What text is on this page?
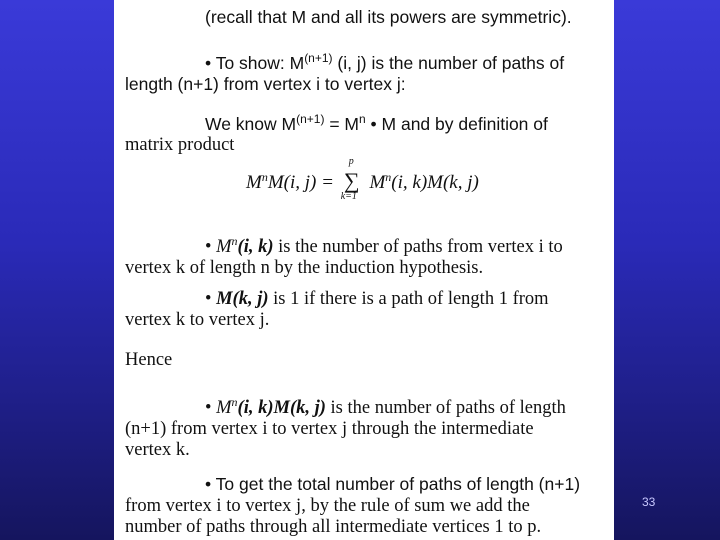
(recall that M and all its powers are symmetric).
• To show: $M^{(n+1)}$ (i, j) is the number of paths of
length (n+1) from vertex i to vertex j:
We know $M^{(n+1)} = M^n$ • M and by definition of
matrix product
$M^nM(i$, j) =
p
∑
k=1
$M^n(i$, k)M(k, j)
• $M^n(i$, k) is the number of paths from vertex i to
vertex k of length n by the induction hypothesis.
• M(k, j) is 1 if there is a path of length 1 from
vertex k to vertex j.
Hence
• $M^n(i$, k)M(k, j) is the number of paths of length
(n+1) from vertex i to vertex j through the intermediate
vertex k.
• To get the total number of paths of length (n+1)
from vertex i to vertex j, by the rule of sum we add the
number of paths through all intermediate vertices 1 to p.
33
